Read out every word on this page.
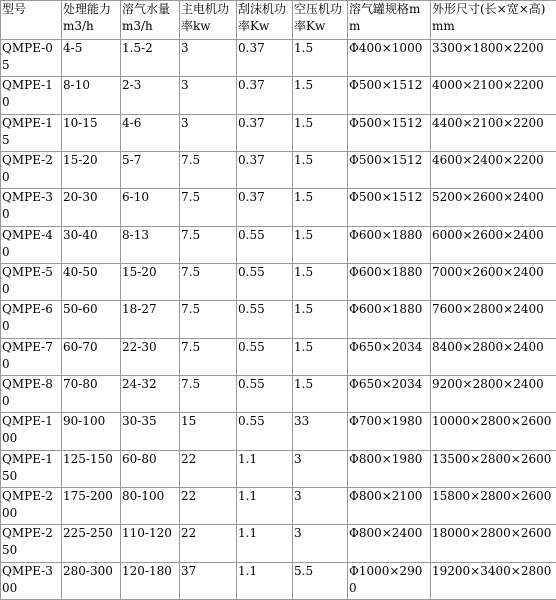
型号	处理能力m3/h	溶气水量m3/h	主电机功率kw	刮沫机功率Kw	空压机功率Kw	溶气罐规格mm	外形尺寸(长×宽×高)mm

QMPE-05	4-5	1.5-2	3	0.37	1.5	Φ400×1000	3300×1800×2200

QMPE-10	8-10	2-3	3	0.37	1.5	Φ500×1512	4000×2100×2200

QMPE-15	10-15	4-6	3	0.37	1.5	Φ500×1512	4400×2100×2200

QMPE-20	15-20	5-7	7.5	0.37	1.5	Φ500×1512	4600×2400×2200

QMPE-30	20-30	6-10	7.5	0.37	1.5	Φ500×1512	5200×2600×2400

QMPE-40	30-40	8-13	7.5	0.55	1.5	Φ600×1880	6000×2600×2400

QMPE-50	40-50	15-20	7.5	0.55	1.5	Φ600×1880	7000×2600×2400

QMPE-60	50-60	18-27	7.5	0.55	1.5	Φ600×1880	7600×2800×2400

QMPE-70	60-70	22-30	7.5	0.55	1.5	Φ650×2034	8400×2800×2400

QMPE-80	70-80	24-32	7.5	0.55	1.5	Φ650×2034	9200×2800×2400

QMPE-100	90-100	30-35	15	0.55	33	Φ700×1980	10000×2800×2600

QMPE-150	125-150	60-80	22	1.1	3	Φ800×1980	13500×2800×2600

QMPE-200	175-200	80-100	22	1.1	3	Φ800×2100	15800×2800×2600

QMPE-250	225-250	110-120	22	1.1	3	Φ800×2400	18000×2800×2600

QMPE-300	280-300	120-180	37	1.1	5.5	Φ1000×2900	19200×3400×2800
